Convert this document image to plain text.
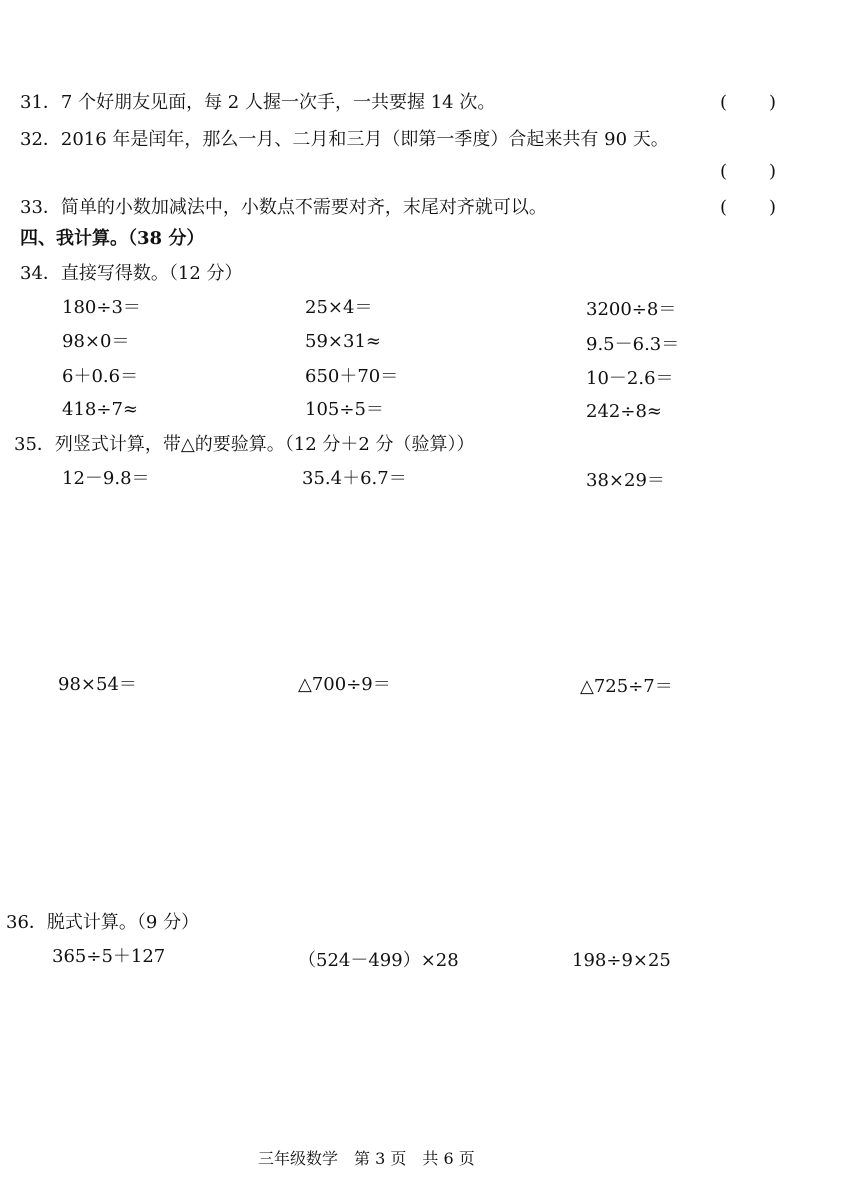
31．7 个好朋友见面，每 2 人握一次手，一共要握 14 次。	(　　)
32．2016 年是闰年，那么一月、二月和三月（即第一季度）合起来共有 90 天。
(　　)
33．简单的小数加减法中，小数点不需要对齐，末尾对齐就可以。	(　　)
四、我计算。（38 分）
34．直接写得数。（12 分）
180÷3＝	25×4＝	3200÷8＝
98×0＝	59×31≈	9.5－6.3＝
6＋0.6＝	650＋70＝	10－2.6＝
418÷7≈	105÷5＝	242÷8≈
35．列竖式计算，带△的要验算。（12 分＋2 分（验算））
12－9.8＝	35.4＋6.7＝	38×29＝
98×54＝	△700÷9＝	△725÷7＝
36．脱式计算。（9 分）
365÷5＋127	（524－499）×28	198÷9×25
三年级数学　第 3 页　共 6 页
